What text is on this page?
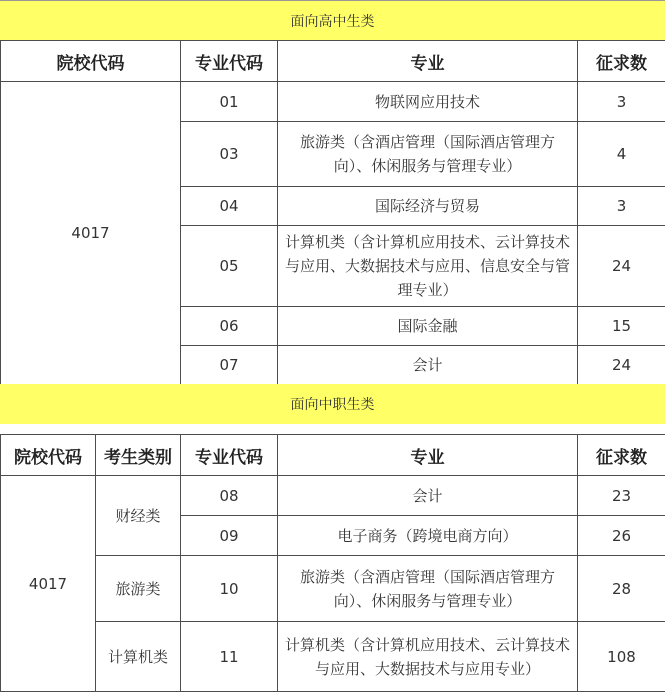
面向高中生类
院校代码	专业代码	专业	征求数
4017	01	物联网应用技术	3
	03	旅游类（含酒店管理（国际酒店管理方向）、休闲服务与管理专业）	4
	04	国际经济与贸易	3
	05	计算机类（含计算机应用技术、云计算技术与应用、大数据技术与应用、信息安全与管理专业）	24
	06	国际金融	15
	07	会计	24
面向中职生类
院校代码	考生类别	专业代码	专业	征求数
4017	财经类	08	会计	23
		09	电子商务（跨境电商方向）	26
	旅游类	10	旅游类（含酒店管理（国际酒店管理方向）、休闲服务与管理专业）	28
	计算机类	11	计算机类（含计算机应用技术、云计算技术与应用、大数据技术与应用专业）	108
